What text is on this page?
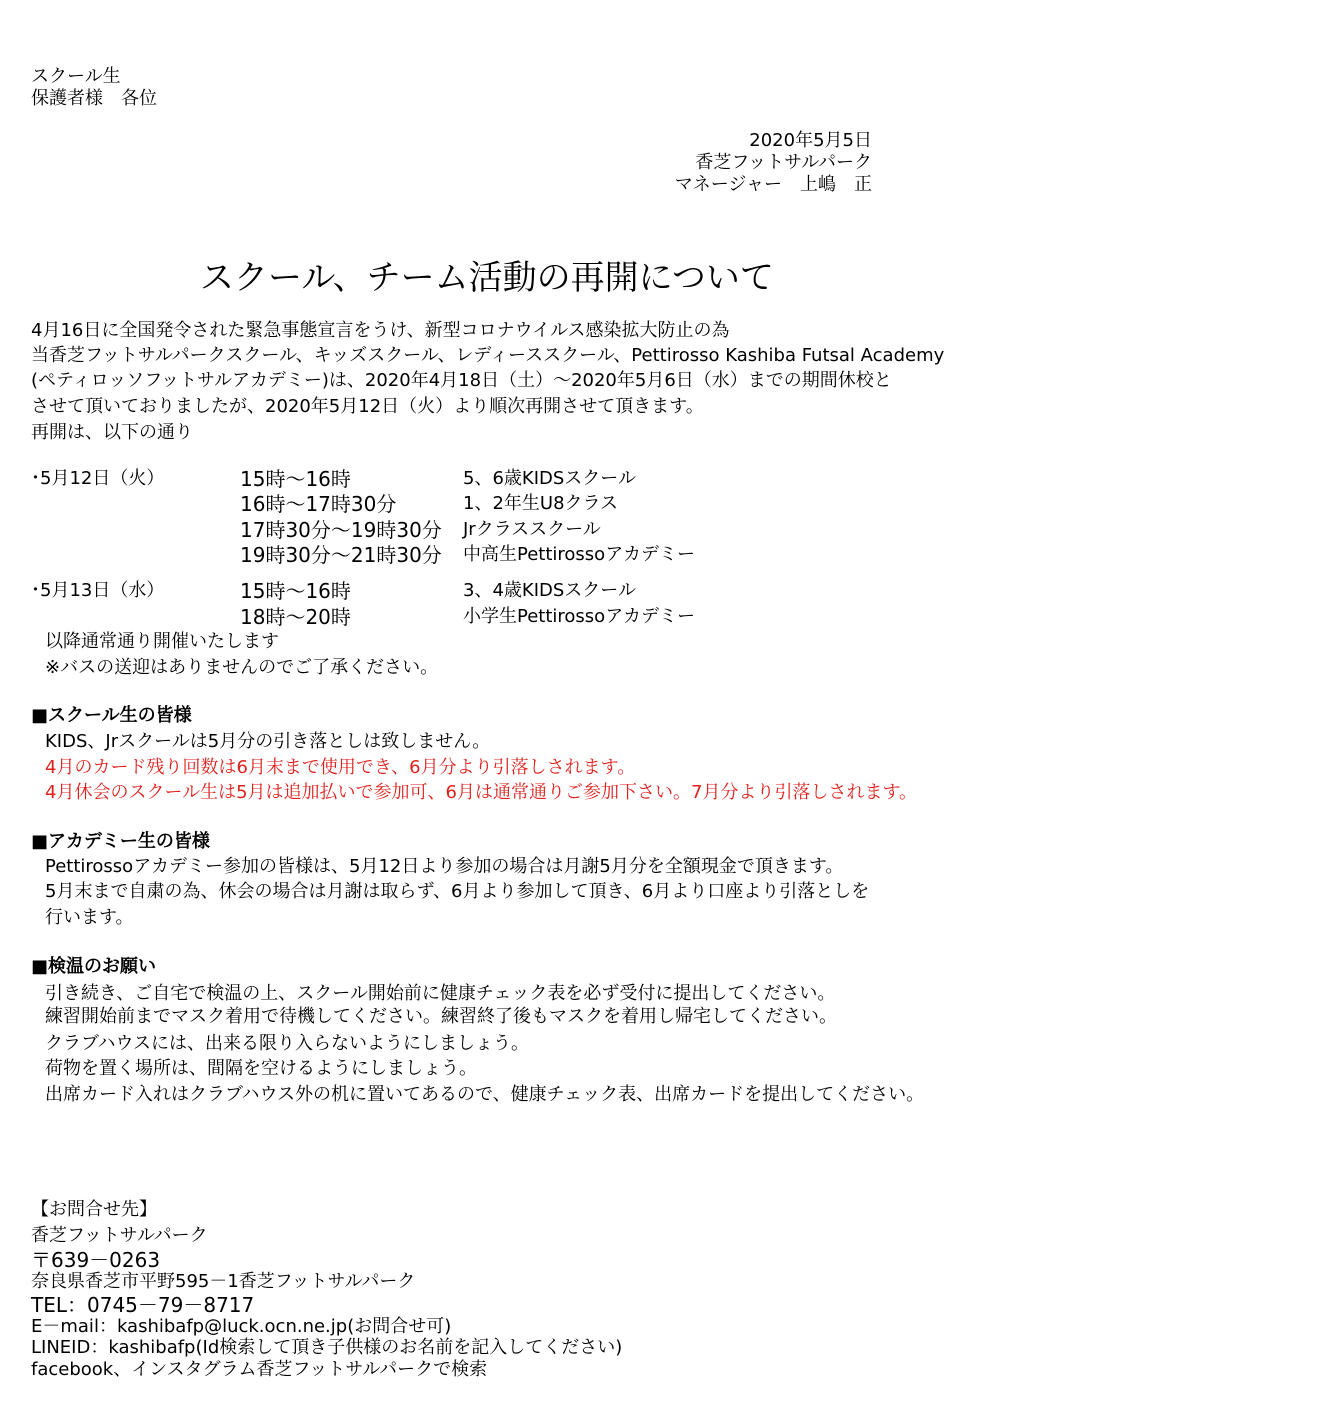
スクール生
保護者様　各位
2020年5月5日
香芝フットサルパーク
マネージャー　上嶋　正
スクール、チーム活動の再開について
4月16日に全国発令された緊急事態宣言をうけ、新型コロナウイルス感染拡大防止の為
当香芝フットサルパークスクール、キッズスクール、レディーススクール、Pettirosso Kashiba Futsal Academy
(ペティロッソフットサルアカデミー)は、2020年4月18日（土）～2020年5月6日（水）までの期間休校と
させて頂いておりましたが、2020年5月12日（火）より順次再開させて頂きます。
再開は、以下の通り
･5月12日（火）	15時～16時	5、6歳KIDSスクール
16時～17時30分	1、2年生U8クラス
17時30分～19時30分 Jrクラススクール
19時30分～21時30分 中高生Pettirossoアカデミー
･5月13日（水）	15時～16時	3、4歳KIDSスクール
18時～20時	小学生Pettirossoアカデミー
以降通常通り開催いたします
※バスの送迎はありませんのでご了承ください。
■スクール生の皆様
KIDS、Jrスクールは5月分の引き落としは致しません。
4月のカード残り回数は6月末まで使用でき、6月分より引落しされます。
4月休会のスクール生は5月は追加払いで参加可、6月は通常通りご参加下さい。7月分より引落しされます。
■アカデミー生の皆様
Pettirossoアカデミー参加の皆様は、5月12日より参加の場合は月謝5月分を全額現金で頂きます。
5月末まで自粛の為、休会の場合は月謝は取らず、6月より参加して頂き、6月より口座より引落としを
行います。
■検温のお願い
引き続き、ご自宅で検温の上、スクール開始前に健康チェック表を必ず受付に提出してください。
練習開始前までマスク着用で待機してください。練習終了後もマスクを着用し帰宅してください。
クラブハウスには、出来る限り入らないようにしましょう。
荷物を置く場所は、間隔を空けるようにしましょう。
出席カード入れはクラブハウス外の机に置いてあるので、健康チェック表、出席カードを提出してください。
【お問合せ先】
香芝フットサルパーク
〒639－0263
奈良県香芝市平野595－1香芝フットサルパーク
TEL：0745－79－8717
E－mail：kashibafp@luck.ocn.ne.jp(お問合せ可)
LINEID：kashibafp(Id検索して頂き子供様のお名前を記入してください)
facebook、インスタグラム香芝フットサルパークで検索
